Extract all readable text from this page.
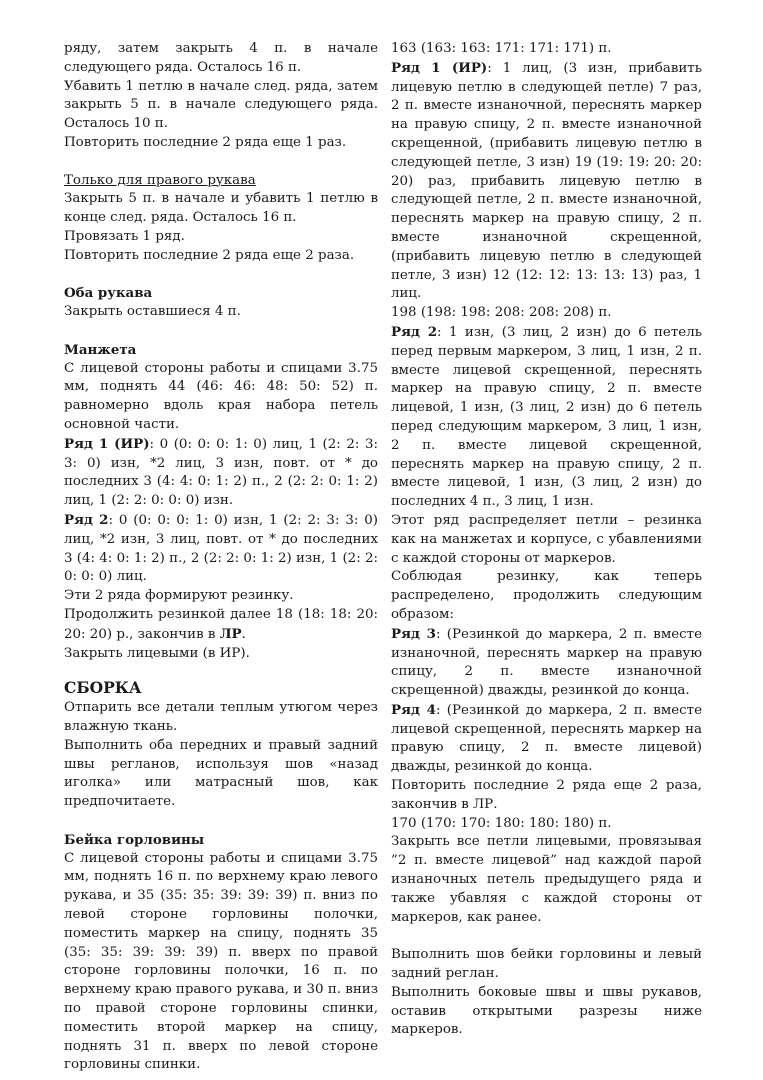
ряду, затем закрыть 4 п. в начале следующего ряда. Осталось 16 п.

Убавить 1 петлю в начале след. ряда, затем закрыть 5 п. в начале следующего ряда. Осталось 10 п.

Повторить последние 2 ряда еще 1 раз.

Только для правого рукава

Закрыть 5 п. в начале и убавить 1 петлю в конце след. ряда. Осталось 16 п.

Провязать 1 ряд.

Повторить последние 2 ряда еще 2 раза.

Оба рукава

Закрыть оставшиеся 4 п.

Манжета

С лицевой стороны работы и спицами 3.75 мм, поднять 44 (46: 46: 48: 50: 52) п. равномерно вдоль края набора петель основной части.

Ряд 1 (ИР): 0 (0: 0: 0: 1: 0) лиц, 1 (2: 2: 3: 3: 0) изн, *2 лиц, 3 изн, повт. от * до последних 3 (4: 4: 0: 1: 2) п., 2 (2: 2: 0: 1: 2) лиц, 1 (2: 2: 0: 0: 0) изн.

Ряд 2: 0 (0: 0: 0: 1: 0) изн, 1 (2: 2: 3: 3: 0) лиц, *2 изн, 3 лиц, повт. от * до последних 3 (4: 4: 0: 1: 2) п., 2 (2: 2: 0: 1: 2) изн, 1 (2: 2: 0: 0: 0) лиц.

Эти 2 ряда формируют резинку.

Продолжить резинкой далее 18 (18: 18: 20: 20: 20) р., закончив в ЛР.

Закрыть лицевыми (в ИР).

СБОРКА

Отпарить все детали теплым утюгом через влажную ткань.

Выполнить оба передних и правый задний швы регланов, используя шов «назад иголка» или матрасный шов, как предпочитаете.

Бейка горловины

С лицевой стороны работы и спицами 3.75 мм, поднять 16 п. по верхнему краю левого рукава, и 35 (35: 35: 39: 39: 39) п. вниз по левой стороне горловины полочки, поместить маркер на спицу, поднять 35 (35: 35: 39: 39: 39) п. вверх по правой стороне горловины полочки, 16 п. по верхнему краю правого рукава, и 30 п. вниз по правой стороне горловины спинки, поместить второй маркер на спицу, поднять 31 п. вверх по левой стороне горловины спинки.

163 (163: 163: 171: 171: 171) п.

Ряд 1 (ИР): 1 лиц, (3 изн, прибавить лицевую петлю в следующей петле) 7 раз, 2 п. вместе изнаночной, переснять маркер на правую спицу, 2 п. вместе изнаночной скрещенной, (прибавить лицевую петлю в следующей петле, 3 изн) 19 (19: 19: 20: 20: 20) раз, прибавить лицевую петлю в следующей петле, 2 п. вместе изнаночной, переснять маркер на правую спицу, 2 п. вместе изнаночной скрещенной, (прибавить лицевую петлю в следующей петле, 3 изн) 12 (12: 12: 13: 13: 13) раз, 1 лиц.

198 (198: 198: 208: 208: 208) п.

Ряд 2: 1 изн, (3 лиц, 2 изн) до 6 петель перед первым маркером, 3 лиц, 1 изн, 2 п. вместе лицевой скрещенной, переснять маркер на правую спицу, 2 п. вместе лицевой, 1 изн, (3 лиц, 2 изн) до 6 петель перед следующим маркером, 3 лиц, 1 изн, 2 п. вместе лицевой скрещенной, переснять маркер на правую спицу, 2 п. вместе лицевой, 1 изн, (3 лиц, 2 изн) до последних 4 п., 3 лиц, 1 изн.

Этот ряд распределяет петли – резинка как на манжетах и корпусе, с убавлениями с каждой стороны от маркеров.

Соблюдая резинку, как теперь распределено, продолжить следующим образом:

Ряд 3: (Резинкой до маркера, 2 п. вместе изнаночной, переснять маркер на правую спицу, 2 п. вместе изнаночной скрещенной) дважды, резинкой до конца.

Ряд 4: (Резинкой до маркера, 2 п. вместе лицевой скрещенной, переснять маркер на правую спицу, 2 п. вместе лицевой) дважды, резинкой до конца.

Повторить последние 2 ряда еще 2 раза, закончив в ЛР.

170 (170: 170: 180: 180: 180) п.

Закрыть все петли лицевыми, провязывая ”2 п. вместе лицевой” над каждой парой изнаночных петель предыдущего ряда и также убавляя с каждой стороны от маркеров, как ранее.

Выполнить шов бейки горловины и левый задний реглан.

Выполнить боковые швы и швы рукавов, оставив открытыми разрезы ниже маркеров.
